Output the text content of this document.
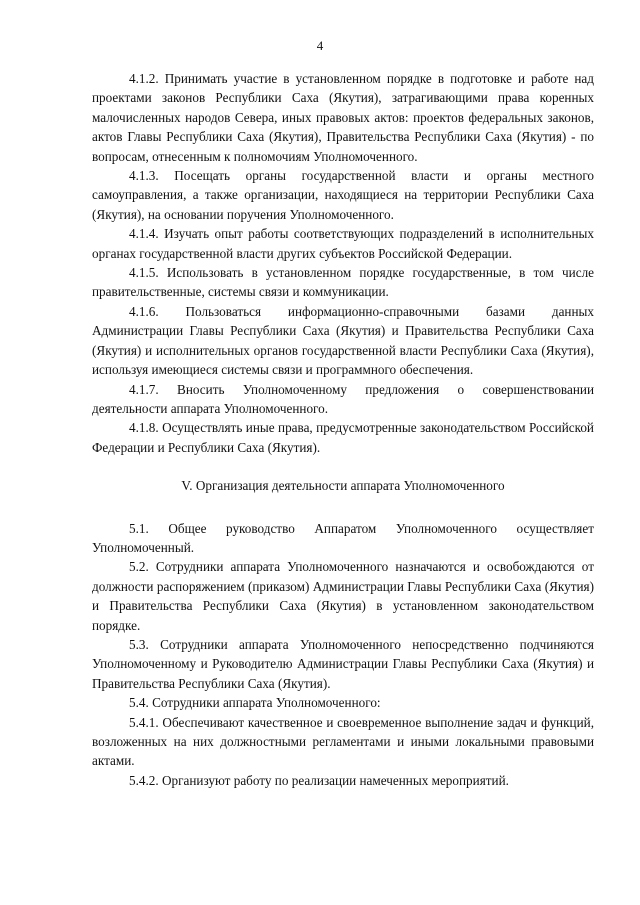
4

4.1.2. Принимать участие в установленном порядке в подготовке и работе над проектами законов Республики Саха (Якутия), затрагивающими права коренных малочисленных народов Севера, иных правовых актов: проектов федеральных законов, актов Главы Республики Саха (Якутия), Правительства Республики Саха (Якутия) - по вопросам, отнесенным к полномочиям Уполномоченного.

4.1.3. Посещать органы государственной власти и органы местного самоуправления, а также организации, находящиеся на территории Республики Саха (Якутия), на основании поручения Уполномоченного.

4.1.4. Изучать опыт работы соответствующих подразделений в исполнительных органах государственной власти других субъектов Российской Федерации.

4.1.5. Использовать в установленном порядке государственные, в том числе правительственные, системы связи и коммуникации.

4.1.6. Пользоваться информационно-справочными базами данных Администрации Главы Республики Саха (Якутия) и Правительства Республики Саха (Якутия) и исполнительных органов государственной власти Республики Саха (Якутия), используя имеющиеся системы связи и программного обеспечения.

4.1.7. Вносить Уполномоченному предложения о совершенствовании деятельности аппарата Уполномоченного.

4.1.8. Осуществлять иные права, предусмотренные законодательством Российской Федерации и Республики Саха (Якутия).

V. Организация деятельности аппарата Уполномоченного

5.1. Общее руководство Аппаратом Уполномоченного осуществляет Уполномоченный.

5.2. Сотрудники аппарата Уполномоченного назначаются и освобождаются от должности распоряжением (приказом) Администрации Главы Республики Саха (Якутия) и Правительства Республики Саха (Якутия) в установленном законодательством порядке.

5.3. Сотрудники аппарата Уполномоченного непосредственно подчиняются Уполномоченному и Руководителю Администрации Главы Республики Саха (Якутия) и Правительства Республики Саха (Якутия).

5.4. Сотрудники аппарата Уполномоченного:

5.4.1. Обеспечивают качественное и своевременное выполнение задач и функций, возложенных на них должностными регламентами и иными локальными правовыми актами.

5.4.2. Организуют работу по реализации намеченных мероприятий.
